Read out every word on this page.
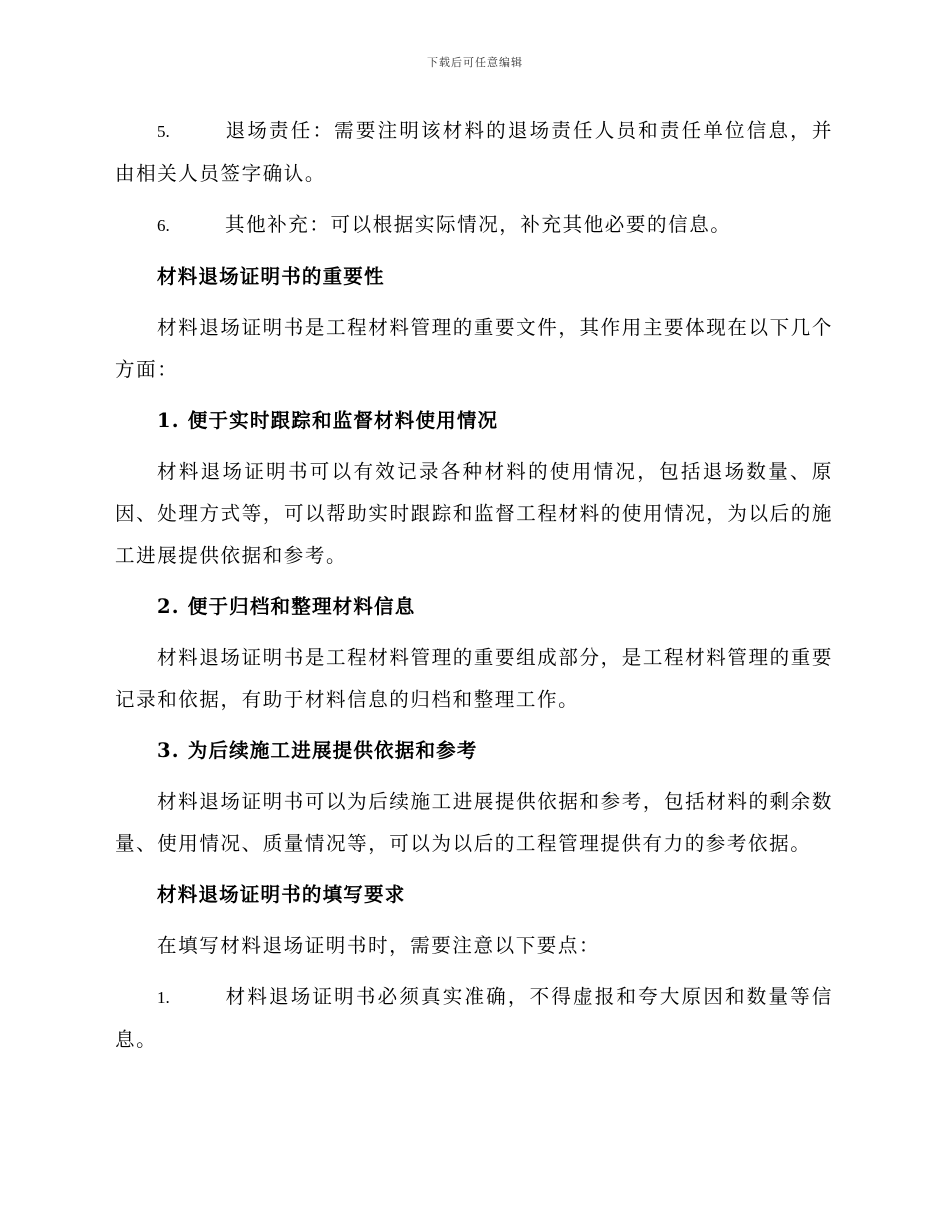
下载后可任意编辑

5.	退场责任：需要注明该材料的退场责任人员和责任单位信息，并由相关人员签字确认。

6.	其他补充：可以根据实际情况，补充其他必要的信息。

材料退场证明书的重要性

材料退场证明书是工程材料管理的重要文件，其作用主要体现在以下几个方面：

1. 便于实时跟踪和监督材料使用情况

材料退场证明书可以有效记录各种材料的使用情况，包括退场数量、原因、处理方式等，可以帮助实时跟踪和监督工程材料的使用情况，为以后的施工进展提供依据和参考。

2. 便于归档和整理材料信息

材料退场证明书是工程材料管理的重要组成部分，是工程材料管理的重要记录和依据，有助于材料信息的归档和整理工作。

3. 为后续施工进展提供依据和参考

材料退场证明书可以为后续施工进展提供依据和参考，包括材料的剩余数量、使用情况、质量情况等，可以为以后的工程管理提供有力的参考依据。

材料退场证明书的填写要求

在填写材料退场证明书时，需要注意以下要点：

1.	材料退场证明书必须真实准确，不得虚报和夸大原因和数量等信息。
